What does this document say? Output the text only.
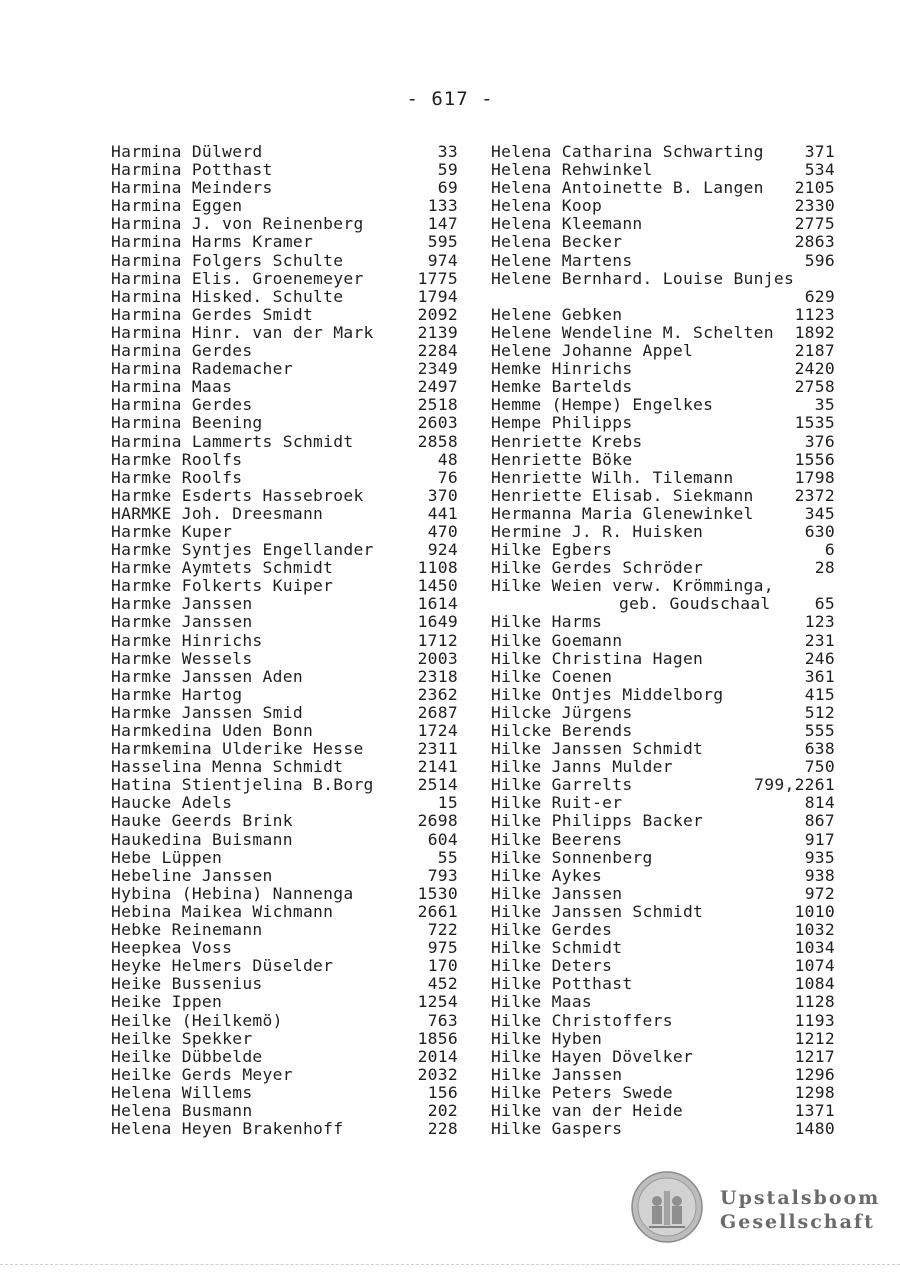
- 617 -
Harmina Dülwerd	33
Harmina Potthast	59
Harmina Meinders	69
Harmina Eggen	133
Harmina J. von Reinenberg	147
Harmina Harms Kramer	595
Harmina Folgers Schulte	974
Harmina Elis. Groenemeyer	1775
Harmina Hisked. Schulte	1794
Harmina Gerdes Smidt	2092
Harmina Hinr. van der Mark	2139
Harmina Gerdes	2284
Harmina Rademacher	2349
Harmina Maas	2497
Harmina Gerdes	2518
Harmina Beening	2603
Harmina Lammerts Schmidt	2858
Harmke Roolfs	48
Harmke Roolfs	76
Harmke Esderts Hassebroek	370
HARMKE Joh. Dreesmann	441
Harmke Kuper	470
Harmke Syntjes Engellander	924
Harmke Aymtets Schmidt	1108
Harmke Folkerts Kuiper	1450
Harmke Janssen	1614
Harmke Janssen	1649
Harmke Hinrichs	1712
Harmke Wessels	2003
Harmke Janssen Aden	2318
Harmke Hartog	2362
Harmke Janssen Smid	2687
Harmkedina Uden Bonn	1724
Harmkemina Ulderike Hesse	2311
Hasselina Menna Schmidt	2141
Hatina Stientjelina B.Borg	2514
Haucke Adels	15
Hauke Geerds Brink	2698
Haukedina Buismann	604
Hebe Lüppen	55
Hebeline Janssen	793
Hybina (Hebina) Nannenga	1530
Hebina Maikea Wichmann	2661
Hebke Reinemann	722
Heepkea Voss	975
Heyke Helmers Düselder	170
Heike Bussenius	452
Heike Ippen	1254
Heilke (Heilkemö)	763
Heilke Spekker	1856
Heilke Dübbelde	2014
Heilke Gerds Meyer	2032
Helena Willems	156
Helena Busmann	202
Helena Heyen Brakenhoff	228
Helena Catharina Schwarting	371
Helena Rehwinkel	534
Helena Antoinette B. Langen 2105
Helena Koop	2330
Helena Kleemann	2775
Helena Becker	2863
Helene Martens	596
Helene Bernhard. Louise Bunjes
629
Helene Gebken	1123
Helene Wendeline M. Schelten 1892
Helene Johanne Appel	2187
Hemke Hinrichs	2420
Hemke Bartelds	2758
Hemme (Hempe) Engelkes	35
Hempe Philipps	1535
Henriette Krebs	376
Henriette Böke	1556
Henriette Wilh. Tilemann	1798
Henriette Elisab. Siekmann	2372
Hermanna Maria Glenewinkel	345
Hermine J. R. Huisken	630
Hilke Egbers	6
Hilke Gerdes Schröder	28
Hilke Weien verw. Krömminga,
geb. Goudschaal	65
Hilke Harms	123
Hilke Goemann	231
Hilke Christina Hagen	246
Hilke Coenen	361
Hilke Ontjes Middelborg	415
Hilcke Jürgens	512
Hilcke Berends	555
Hilke Janssen Schmidt	638
Hilke Janns Mulder	750
Hilke Garrelts	799,2261
Hilke Ruit-er	814
Hilke Philipps Backer	867
Hilke Beerens	917
Hilke Sonnenberg	935
Hilke Aykes	938
Hilke Janssen	972
Hilke Janssen Schmidt	1010
Hilke Gerdes	1032
Hilke Schmidt	1034
Hilke Deters	1074
Hilke Potthast	1084
Hilke Maas	1128
Hilke Christoffers	1193
Hilke Hyben	1212
Hilke Hayen Dövelker	1217
Hilke Janssen	1296
Hilke Peters Swede	1298
Hilke van der Heide	1371
Hilke Gaspers	1480
Upstalsboom
Gesellschaft
